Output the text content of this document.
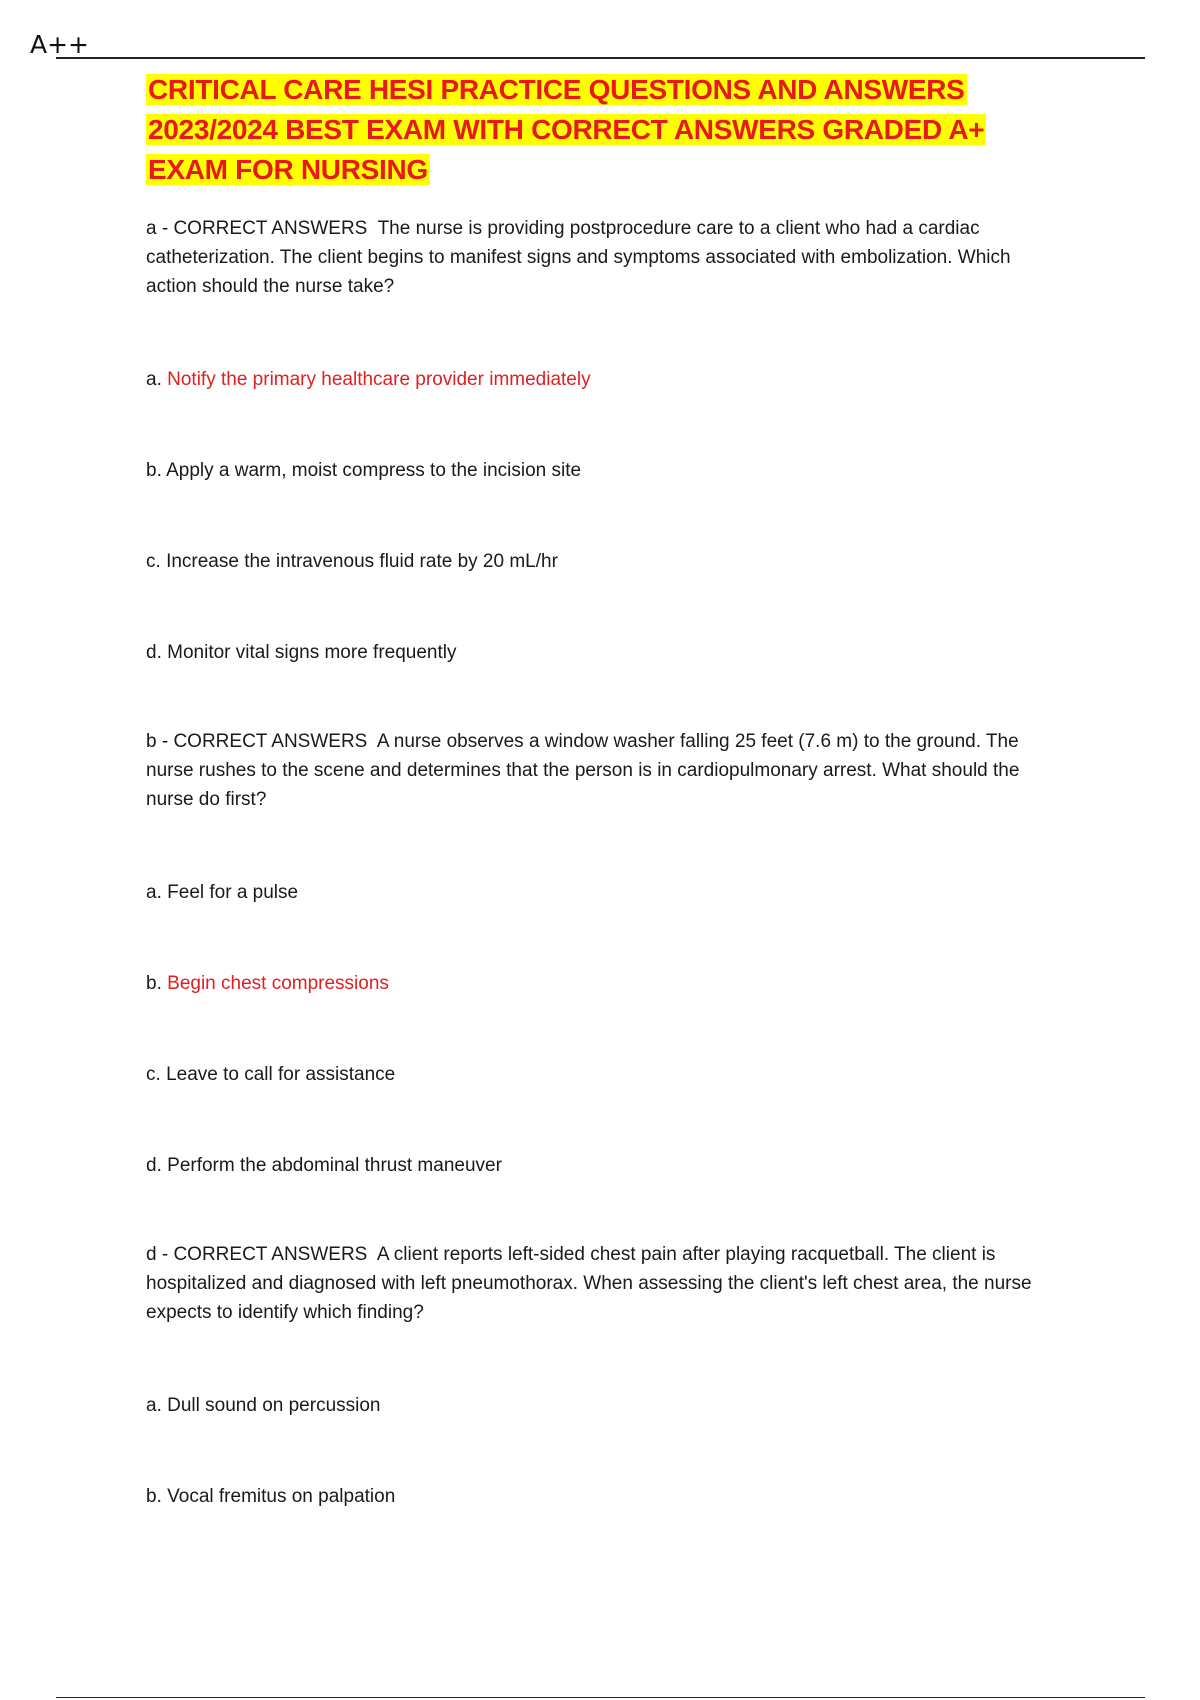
A++
CRITICAL CARE HESI PRACTICE QUESTIONS AND ANSWERS 2023/2024 BEST EXAM WITH CORRECT ANSWERS GRADED A+ EXAM FOR NURSING
a - CORRECT ANSWERS The nurse is providing postprocedure care to a client who had a cardiac catheterization. The client begins to manifest signs and symptoms associated with embolization. Which action should the nurse take?
a. Notify the primary healthcare provider immediately
b. Apply a warm, moist compress to the incision site
c. Increase the intravenous fluid rate by 20 mL/hr
d. Monitor vital signs more frequently
b - CORRECT ANSWERS A nurse observes a window washer falling 25 feet (7.6 m) to the ground. The nurse rushes to the scene and determines that the person is in cardiopulmonary arrest. What should the nurse do first?
a. Feel for a pulse
b. Begin chest compressions
c. Leave to call for assistance
d. Perform the abdominal thrust maneuver
d - CORRECT ANSWERS A client reports left-sided chest pain after playing racquetball. The client is hospitalized and diagnosed with left pneumothorax. When assessing the client's left chest area, the nurse expects to identify which finding?
a. Dull sound on percussion
b. Vocal fremitus on palpation
